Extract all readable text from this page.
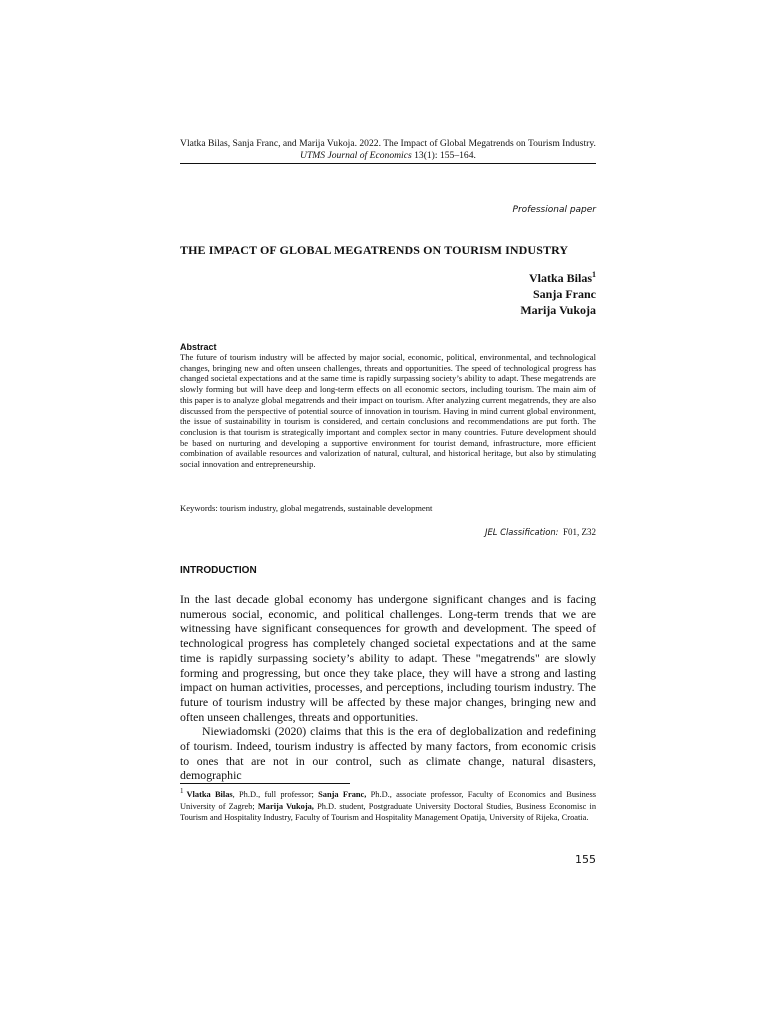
Vlatka Bilas, Sanja Franc, and Marija Vukoja. 2022. The Impact of Global Megatrends on Tourism Industry. UTMS Journal of Economics 13(1): 155–164.
Professional paper
THE IMPACT OF GLOBAL MEGATRENDS ON TOURISM INDUSTRY
Vlatka Bilas$^1$
Sanja Franc
Marija Vukoja
Abstract
The future of tourism industry will be affected by major social, economic, political, environmental, and technological changes, bringing new and often unseen challenges, threats and opportunities. The speed of technological progress has changed societal expectations and at the same time is rapidly surpassing society’s ability to adapt. These megatrends are slowly forming but will have deep and long-term effects on all economic sectors, including tourism. The main aim of this paper is to analyze global megatrends and their impact on tourism. After analyzing current megatrends, they are also discussed from the perspective of potential source of innovation in tourism. Having in mind current global environment, the issue of sustainability in tourism is considered, and certain conclusions and recommendations are put forth. The conclusion is that tourism is strategically important and complex sector in many countries. Future development should be based on nurturing and developing a supportive environment for tourist demand, infrastructure, more efficient combination of available resources and valorization of natural, cultural, and historical heritage, but also by stimulating social innovation and entrepreneurship.
Keywords: tourism industry, global megatrends, sustainable development
JEL Classification: F01, Z32
INTRODUCTION

In the last decade global economy has undergone significant changes and is facing numerous social, economic, and political challenges. Long-term trends that we are witnessing have significant consequences for growth and development. The speed of technological progress has completely changed societal expectations and at the same time is rapidly surpassing society’s ability to adapt. These "megatrends" are slowly forming and progressing, but once they take place, they will have a strong and lasting impact on human activities, processes, and perceptions, including tourism industry. The future of tourism industry will be affected by these major changes, bringing new and often unseen challenges, threats and opportunities.

Niewiadomski (2020) claims that this is the era of deglobalization and redefining of tourism. Indeed, tourism industry is affected by many factors, from economic crisis to ones that are not in our control, such as climate change, natural disasters, demographic

$^1$ Vlatka Bilas, Ph.D., full professor; Sanja Franc, Ph.D., associate professor, Faculty of Economics and Business University of Zagreb; Marija Vukoja, Ph.D. student, Postgraduate University Doctoral Studies, Business Economisc in Tourism and Hospitality Industry, Faculty of Tourism and Hospitality Management Opatija, University of Rijeka, Croatia.
155
